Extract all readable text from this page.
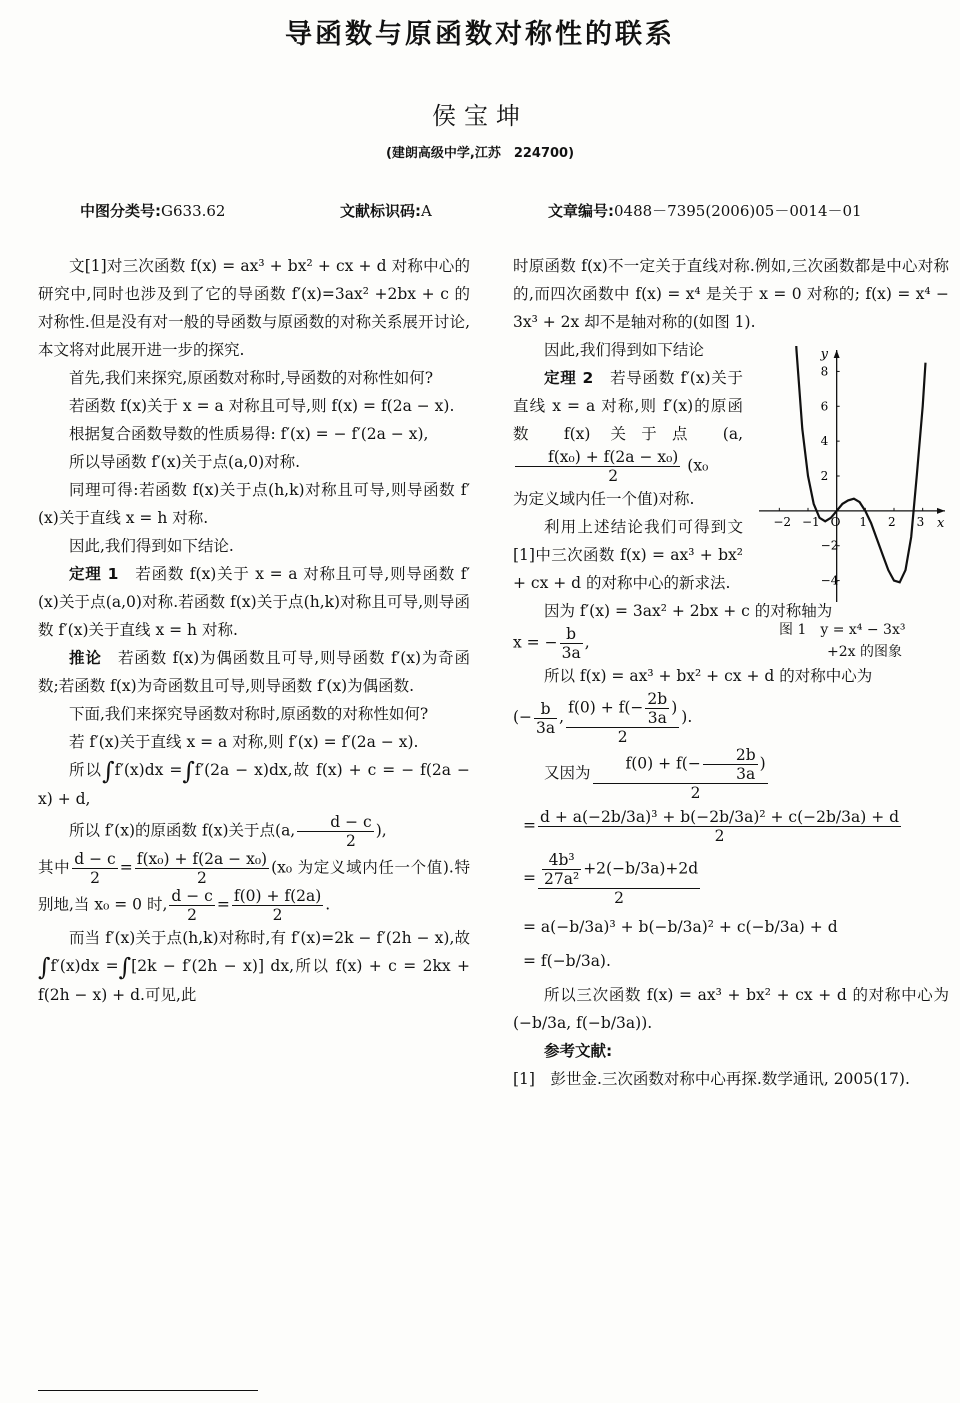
导函数与原函数对称性的联系
侯宝坤
(建朗高级中学,江苏　224700)
中图分类号:G633.62	文献标识码:A	文章编号:0488－7395(2006)05－0014－01

文[1]对三次函数 f(x) = ax³ + bx² + cx + d 对称中心的研究中,同时也涉及到了它的导函数 f′(x)=3ax² +2bx + c 的对称性.但是没有对一般的导函数与原函数的对称关系展开讨论,本文将对此展开进一步的探究.

首先,我们来探究,原函数对称时,导函数的对称性如何?

若函数 f(x)关于 x = a 对称且可导,则 f(x) = f(2a − x).

根据复合函数导数的性质易得: f′(x) = − f′(2a − x),

所以导函数 f′(x)关于点(a,0)对称.

同理可得:若函数 f(x)关于点(h,k)对称且可导,则导函数 f′(x)关于直线 x = h 对称.

因此,我们得到如下结论.

定理 1　 若函数 f(x)关于 x = a 对称且可导,则导函数 f′(x)关于点(a,0)对称.若函数 f(x)关于点(h,k)对称且可导,则导函数 f′(x)关于直线 x = h 对称.

推论　 若函数 f(x)为偶函数且可导,则导函数 f′(x)为奇函数;若函数 f(x)为奇函数且可导,则导函数 f′(x)为偶函数.

下面,我们来探究导函数对称时,原函数的对称性如何?

若 f′(x)关于直线 x = a 对称,则 f′(x) = f′(2a − x).

所以∫f′(x)dx =∫f′(2a − x)dx,故 f(x) + c = − f(2a − x) + d,

所以 f′(x)的原函数 f(x)关于点(a, $\frac{d - c}{2}$ ),

其中 $\frac{d - c}{2} = \frac{\text{f(x₀) + f(2a − x₀)}}{2} (x_0$ 为定义域内任一个值).特别地,当 x₀ = 0 时, $\frac{d - c}{2} = \frac{f(0) + f(2a)}{2}$ .

而当 f′(x)关于点(h,k)对称时,有 f′(x)=2k − f′(2h − x),故∫f′(x)dx =∫[2k − f′(2h − x)] dx,所以 f(x) + c = 2kx + f(2h − x) + d.可见,此

时原函数 f(x)不一定关于直线对称.例如,三次函数都是中心对称的,而四次函数中 f(x) = x⁴ 是关于 x = 0 对称的; f(x) = x⁴ − 3x³ + 2x 却不是轴对称的(如图 1).

因此,我们得到如下结论

定理 2　 若导函数 f′(x)关于直线 x = a 对称,则 f′(x)的原函数 f(x) 关于点 (a,
$\frac{\text{f(x₀) + f(2a − x₀)}}{2} (x_0$

为定义域内任一个值)对称.

利用上述结论我们可得到文[1]中三次函数 f(x) = ax³ + bx² + cx + d 的对称中心的新求法.

因为 f′(x) = 3ax² + 2bx + c 的对称轴为

x = − $\frac{b}{3a}$ ,

所以 f(x) = ax³ + bx² + cx + d 的对称中心为

(− $\frac{b}{3a}$ , $\frac{f(0) + f(- \frac{2b}{3a} )}{2}$ ).

又因为 $\frac{f(0) + f(- \frac{2b}{3a} )}{2}$

= $\frac{\text{d + a(−2b/3a)³ + b(−2b/3a)² + c(−2b/3a) + d}}{2}$

= $\frac{\frac{\text{4b³}}{\text{27a²}} +2(-b/3a)+2d}{2}$

= a(−b/3a)³ + b(−b/3a)² + c(−b/3a) + d

= f(−b/3a).

所以三次函数 f(x) = ax³ + bx² + cx + d 的对称中心为(−b/3a, f(−b/3a)).

参考文献:

[1]　 彭世金.三次函数对称中心再探.数学通讯, 2005(17).

x
y
−2 −1 O 1 2 3
8
6
4
2
−2
−4
图 1　y = x⁴ − 3x³
+2x 的图象
